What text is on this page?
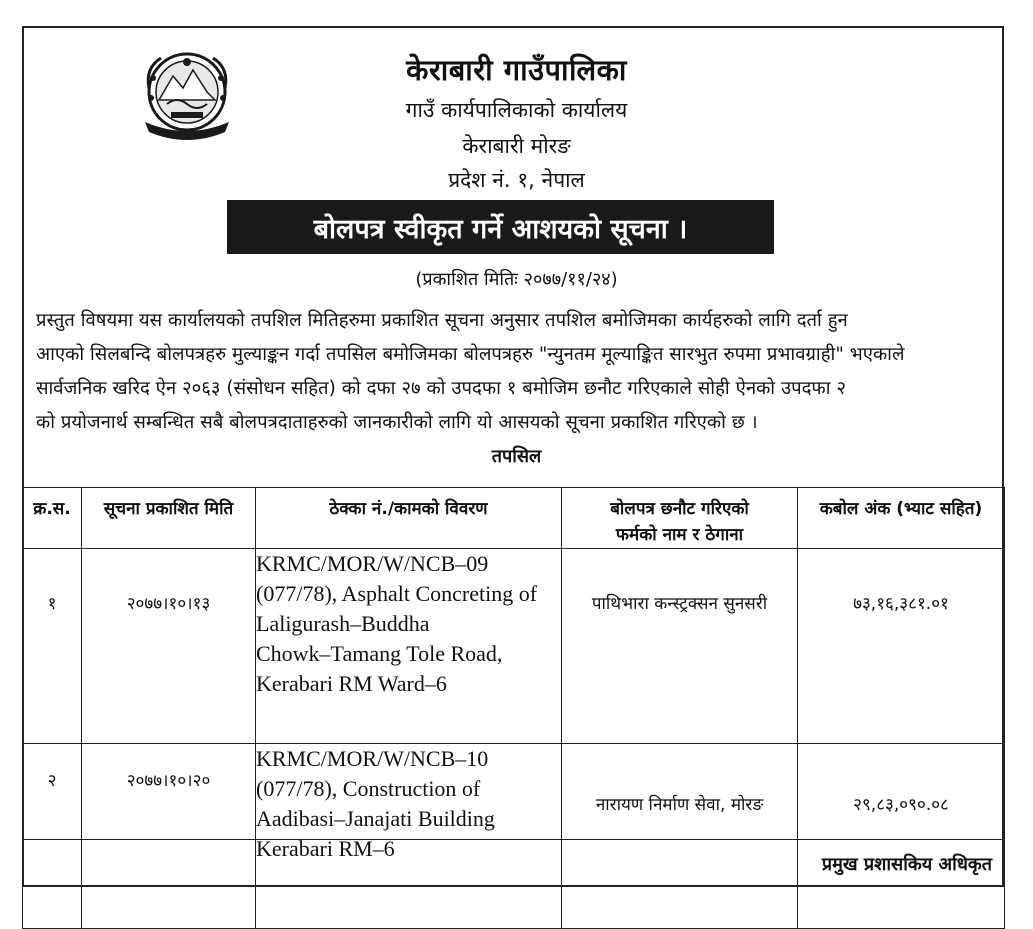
केराबारी गाउँपालिका
गाउँ कार्यपालिकाको कार्यालय
केराबारी मोरङ
प्रदेश नं. १, नेपाल
बोलपत्र स्वीकृत गर्ने आशयको सूचना ।
(प्रकाशित मितिः २०७७/११/२४)
प्रस्तुत विषयमा यस कार्यालयको तपशिल मितिहरुमा प्रकाशित सूचना अनुसार तपशिल बमोजिमका कार्यहरुको लागि दर्ता हुन
आएको सिलबन्दि बोलपत्रहरु मुल्याङ्कन गर्दा तपसिल बमोजिमका बोलपत्रहरु "न्युनतम मूल्याङ्कित सारभुत रुपमा प्रभावग्राही" भएकाले
सार्वजनिक खरिद ऐन २०६३ (संसोधन सहित) को दफा २७ को उपदफा १ बमोजिम छनौट गरिएकाले सोही ऐनको उपदफा २
को प्रयोजनार्थ सम्बन्धित सबै बोलपत्रदाताहरुको जानकारीको लागि यो आसयको सूचना प्रकाशित गरिएको छ ।
तपसिल
क्र.स.	सूचना प्रकाशित मिति	ठेक्का नं./कामको विवरण	बोलपत्र छनौट गरिएको
फर्मको नाम र ठेगाना	कबोल अंक (भ्याट सहित)
१	२०७७।१०।१३	KRMC/MOR/W/NCB–09
(077/78), Asphalt Concreting of
Laligurash–Buddha
Chowk–Tamang Tole Road,
Kerabari RM Ward–6	पाथिभारा कन्स्ट्रक्सन सुनसरी	७३,१६,३८१.०१
२	२०७७।१०।२०	KRMC/MOR/W/NCB–10
(077/78), Construction of
Aadibasi–Janajati Building
Kerabari RM–6	नारायण निर्माण सेवा, मोरङ	२९,८३,०९०.०८
प्रमुख प्रशासकिय अधिकृत
